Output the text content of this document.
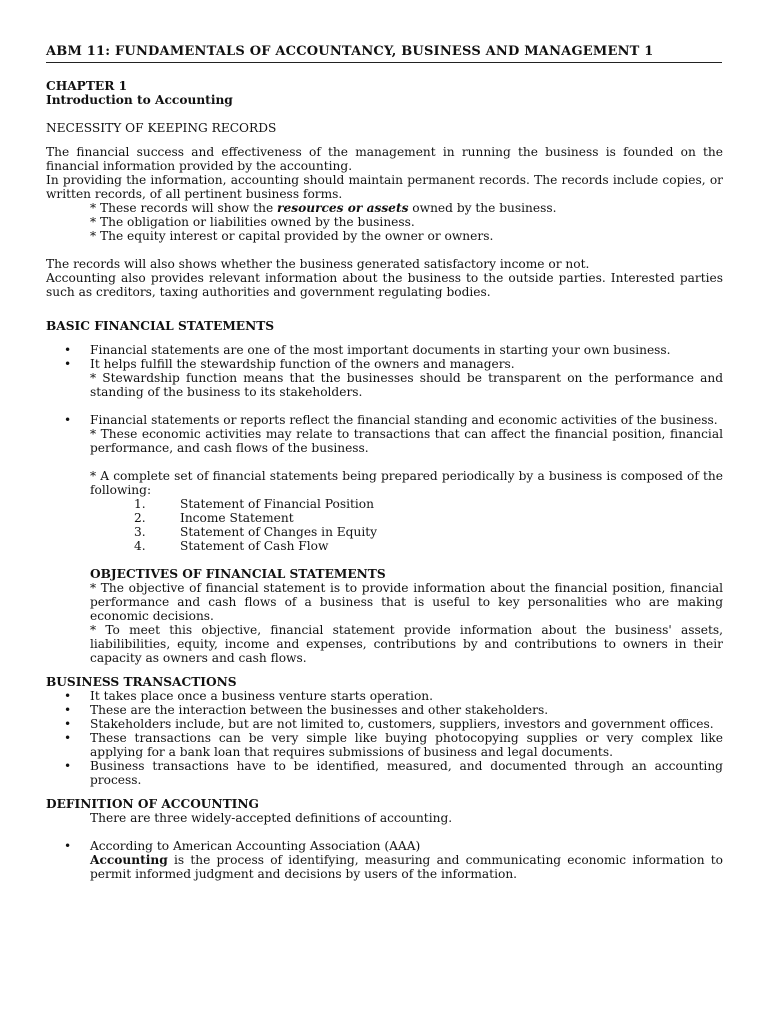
ABM 11: FUNDAMENTALS OF ACCOUNTANCY, BUSINESS AND MANAGEMENT 1

CHAPTER 1

Introduction to Accounting

NECESSITY OF KEEPING RECORDS

The financial success and effectiveness of the management in running the business is founded on the financial information provided by the accounting.

In providing the information, accounting should maintain permanent records. The records include copies, or written records, of all pertinent business forms.

* These records will show the resources or assets owned by the business.

* The obligation or liabilities owned by the business.

* The equity interest or capital provided by the owner or owners.

The records will also shows whether the business generated satisfactory income or not.

Accounting also provides relevant information about the business to the outside parties. Interested parties such as creditors, taxing authorities and government regulating bodies.

BASIC FINANCIAL STATEMENTS

• Financial statements are one of the most important documents in starting your own business.
• It helps fulfill the stewardship function of the owners and managers.

* Stewardship function means that the businesses should be transparent on the performance and standing of the business to its stakeholders.

• Financial statements or reports reflect the financial standing and economic activities of the business.

* These economic activities may relate to transactions that can affect the financial position, financial performance, and cash flows of the business.

* A complete set of financial statements being prepared periodically by a business is composed of the following:

1.	Statement of Financial Position

2.	Income Statement

3.	Statement of Changes in Equity

4.	Statement of Cash Flow

OBJECTIVES OF FINANCIAL STATEMENTS

* The objective of financial statement is to provide information about the financial position, financial performance and cash flows of a business that is useful to key personalities who are making economic decisions.

* To meet this objective, financial statement provide information about the business' assets, liabilibilities, equity, income and expenses, contributions by and contributions to owners in their capacity as owners and cash flows.

BUSINESS TRANSACTIONS

• It takes place once a business venture starts operation.
• These are the interaction between the businesses and other stakeholders.
• Stakeholders include, but are not limited to, customers, suppliers, investors and government offices.
• These transactions can be very simple like buying photocopying supplies or very complex like applying for a bank loan that requires submissions of business and legal documents.
• Business transactions have to be identified, measured, and documented through an accounting process.

DEFINITION OF ACCOUNTING

There are three widely-accepted definitions of accounting.

• According to American Accounting Association (AAA)

Accounting is the process of identifying, measuring and communicating economic information to permit informed judgment and decisions by users of the information.
